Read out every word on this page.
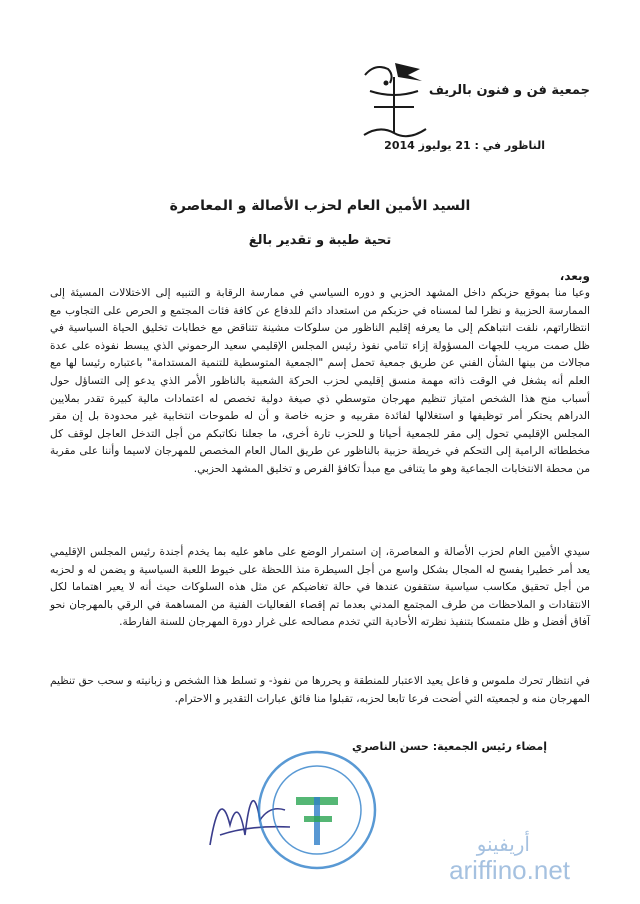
جمعية فن و فنون بالريف
الناظور في : 21 يوليوز 2014
السيد الأمين العام لحزب الأصالة و المعاصرة
تحية طيبة و تقدير بالغ
وبعد،
وعيا منا بموقع حزبكم داخل المشهد الحزبي و دوره السياسي في ممارسة الرقابة و التنبيه إلى الاختلالات المسيئة إلى الممارسة الحزبية و نظرا لما لمسناه في حزبكم من استعداد دائم للدفاع عن كافة فئات المجتمع و الحرص على التجاوب مع انتظاراتهم، نلفت انتباهكم إلى ما يعرفه إقليم الناظور من سلوكات مشينة تتناقض مع خطابات تخليق الحياة السياسية في ظل صمت مريب للجهات المسؤولة إزاء تنامي نفوذ رئيس المجلس الإقليمي سعيد الرحموني الذي يبسط نفوذه على عدة مجالات من بينها الشأن الفني عن طريق جمعية تحمل إسم "الجمعية المتوسطية للتنمية المستدامة" باعتباره رئيسا لها مع العلم أنه يشغل في الوقت ذاته مهمة منسق إقليمي لحزب الحركة الشعبية بالناظور الأمر الذي يدعو إلى التساؤل حول أسباب منح هذا الشخص امتياز تنظيم مهرجان متوسطي ذي صيغة دولية تخصص له اعتمادات مالية كبيرة تقدر بملايين الدراهم يحتكر أمر توظيفها و استغلالها لفائدة مقربيه و حزبه خاصة و أن له طموحات انتخابية غير محدودة بل إن مقر المجلس الإقليمي تحول إلى مقر للجمعية أحيانا و للحزب تارة أخرى، ما جعلنا نكاتبكم من أجل التدخل العاجل لوقف كل مخططاته الرامية إلى التحكم في خريطة حزبية بالناظور عن طريق المال العام المخصص للمهرجان لاسيما وأننا على مقربة من محطة الانتخابات الجماعية وهو ما يتنافى مع مبدأ تكافؤ الفرص و تخليق المشهد الحزبي.
سيدي الأمين العام لحزب الأصالة و المعاصرة، إن استمرار الوضع على ماهو عليه بما يخدم أجندة رئيس المجلس الإقليمي يعد أمر خطيرا يفسح له المجال بشكل واسع من أجل السيطرة منذ اللحظة على خيوط اللعبة السياسية و يضمن له و لحزبه من أجل تحقيق مكاسب سياسية ستقفون عندها في حالة تغاضيكم عن مثل هذه السلوكات حيث أنه لا يعير اهتماما لكل الانتقادات و الملاحظات من طرف المجتمع المدني بعدما تم إقصاء الفعاليات الفنية من المساهمة في الرقي بالمهرجان نحو آفاق أفضل و ظل متمسكا بتنفيذ نظرته الأحادية التي تخدم مصالحه على غرار دورة المهرجان للسنة الفارطة.
في انتظار تحرك ملموس و فاعل يعيد الاعتبار للمنطقة و يحررها من نفوذ- و تسلط هذا الشخص و زبانيته و سحب حق تنظيم المهرجان منه و لجمعيته التي أضحت فرعا تابعا لحزبه، تقبلوا منا فائق عبارات التقدير و الاحترام.
إمضاء رئيس الجمعية: حسن الناصري
أريفينو
ariffino.net
